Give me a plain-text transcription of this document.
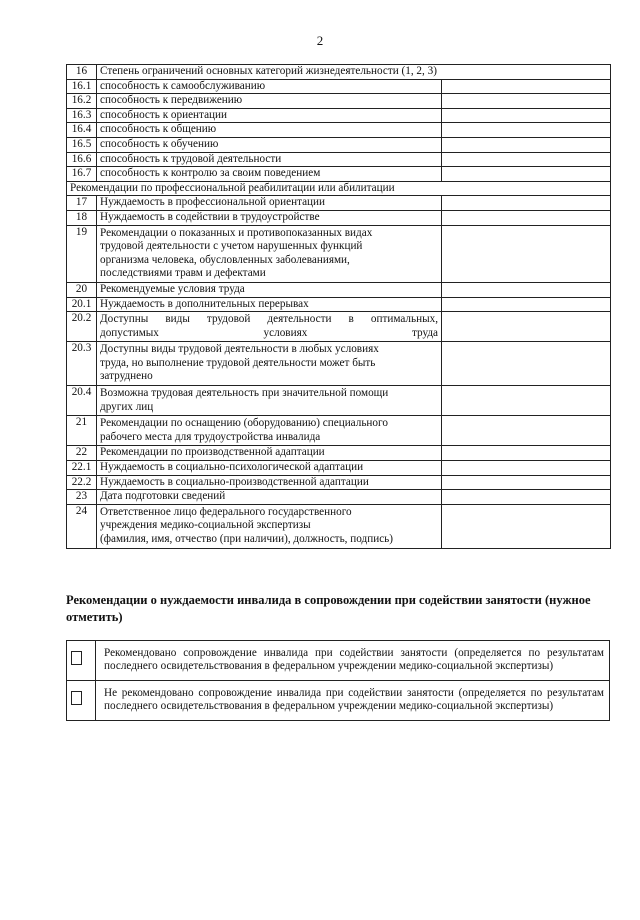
2
16	Степень ограничений основных категорий жизнедеятельности (1, 2, 3)	
16.1	способность к самообслуживанию	
16.2	способность к передвижению	
16.3	способность к ориентации	
16.4	способность к общению	
16.5	способность к обучению	
16.6	способность к трудовой деятельности	
16.7	способность к контролю за своим поведением	
Рекомендации по профессиональной реабилитации или абилитации		
17	Нуждаемость в профессиональной ориентации	
18	Нуждаемость в содействии в трудоустройстве	
19	Рекомендации о показанных и противопоказанных видах
трудовой деятельности с учетом нарушенных функций
организма человека, обусловленных заболеваниями,
последствиями травм и дефектами	

20	Рекомендуемые условия труда	
20.1	Нуждаемость в дополнительных перерывах	
20.2	Доступны виды трудовой деятельности в оптимальных,
допустимых условиях труда	

20.3	Доступны виды трудовой деятельности в любых условиях
труда, но выполнение трудовой деятельности может быть
затруднено	

20.4	Возможна трудовая деятельность при значительной помощи
других лиц	

21	Рекомендации по оснащению (оборудованию) специального
рабочего места для трудоустройства инвалида	

22	Рекомендации по производственной адаптации	
22.1	Нуждаемость в социально-психологической адаптации	
22.2	Нуждаемость в социально-производственной адаптации	
23	Дата подготовки сведений	
24	Ответственное лицо федерального государственного
учреждения медико-социальной экспертизы
(фамилия, имя, отчество (при наличии), должность, подпись)	

Рекомендации о нуждаемости инвалида в сопровождении при содействии занятости (нужное отметить)
	Рекомендовано сопровождение инвалида при содействии занятости (определяется по результатам последнего освидетельствования в федеральном учреждении медико-социальной экспертизы)

	Не рекомендовано сопровождение инвалида при содействии занятости (определяется по результатам последнего освидетельствования в федеральном учреждении медико-социальной экспертизы)
